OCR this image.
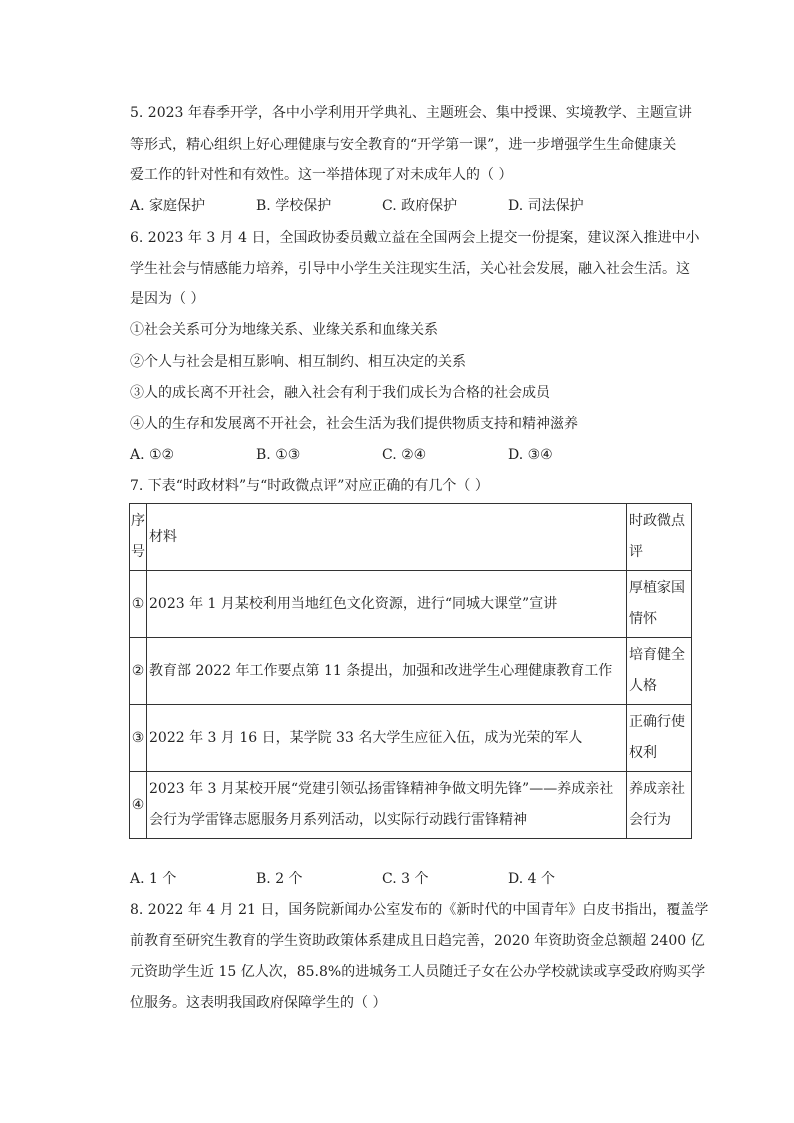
5. 2023 年春季开学，各中小学利用开学典礼、主题班会、集中授课、实境教学、主题宣讲
等形式，精心组织上好心理健康与安全教育的“开学第一课”，进一步增强学生生命健康关
爱工作的针对性和有效性。这一举措体现了对未成年人的（ ）
A. 家庭保护	B. 学校保护	C. 政府保护	D. 司法保护
6. 2023 年 3 月 4 日，全国政协委员戴立益在全国两会上提交一份提案，建议深入推进中小
学生社会与情感能力培养，引导中小学生关注现实生活，关心社会发展，融入社会生活。这
是因为（ ）
①社会关系可分为地缘关系、业缘关系和血缘关系
②个人与社会是相互影响、相互制约、相互决定的关系
③人的成长离不开社会，融入社会有利于我们成长为合格的社会成员
④人的生存和发展离不开社会，社会生活为我们提供物质支持和精神滋养
A. ①②	B. ①③	C. ②④	D. ③④
7. 下表“时政材料”与“时政微点评”对应正确的有几个（ ）
序号	材料	时政微点评
①	2023 年 1 月某校利用当地红色文化资源，进行“同城大课堂”宣讲	厚植家国情怀
②	教育部 2022 年工作要点第 11 条提出，加强和改进学生心理健康教育工作	培育健全人格
③	2022 年 3 月 16 日，某学院 33 名大学生应征入伍，成为光荣的军人	正确行使权利
④	2023 年 3 月某校开展“党建引领弘扬雷锋精神争做文明先锋”——养成亲社会行为学雷锋志愿服务月系列活动，以实际行动践行雷锋精神	养成亲社会行为
A. 1 个	B. 2 个	C. 3 个	D. 4 个
8. 2022 年 4 月 21 日，国务院新闻办公室发布的《新时代的中国青年》白皮书指出，覆盖学
前教育至研究生教育的学生资助政策体系建成且日趋完善，2020 年资助资金总额超 2400 亿
元资助学生近 15 亿人次，85.8%的进城务工人员随迁子女在公办学校就读或享受政府购买学
位服务。这表明我国政府保障学生的（ ）
